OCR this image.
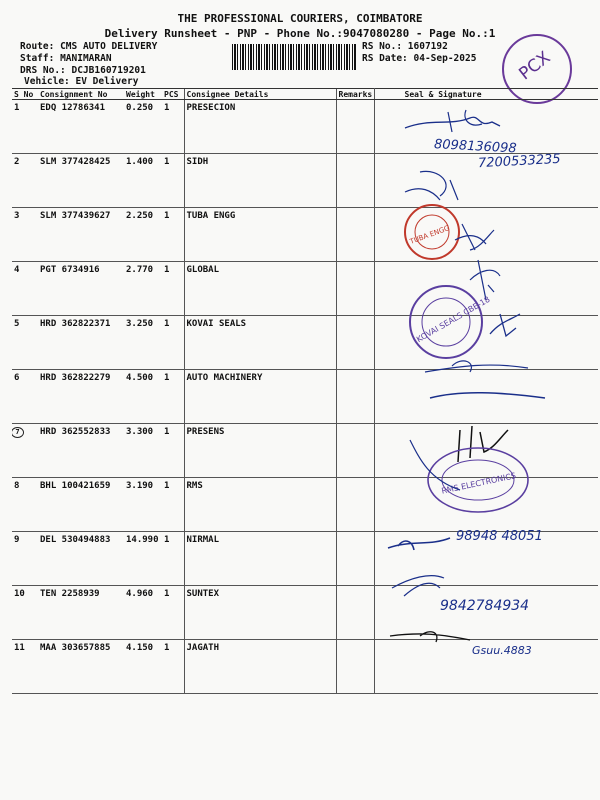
THE PROFESSIONAL COURIERS, COIMBATORE
Delivery Runsheet - PNP - Phone No.:9047080280 - Page No.:1
Route: CMS AUTO DELIVERY
Staff: MANIMARAN
DRS No.: DCJB160719201
Vehicle: EV Delivery
RS No.: 1607192
RS Date: 04-Sep-2025 PCX
S No	Consignment No	Weight	PCS	Consignee Details	Remarks	Seal & Signature
1	EDQ 12786341	0.250	1	PRESECION		
2	SLM 377428425	1.400	1	SIDH		
3	SLM 377439627	2.250	1	TUBA ENGG		
4	PGT 6734916	2.770	1	GLOBAL		
5	HRD 362822371	3.250	1	KOVAI SEALS		
6	HRD 362822279	4.500	1	AUTO MACHINERY		
7	HRD 362552833	3.300	1	PRESENS		
8	BHL 100421659	3.190	1	RMS		
9	DEL 530494883	14.990	1	NIRMAL		
10	TEN 2258939	4.960	1	SUNTEX		
11	MAA 303657885	4.150	1	JAGATH		
8098136098
7200533235
TUBA ENGG
KOVAI SEALS CBE-18
RMS ELECTRONICS
98948 48051
9842784934
Gsuu.4883
